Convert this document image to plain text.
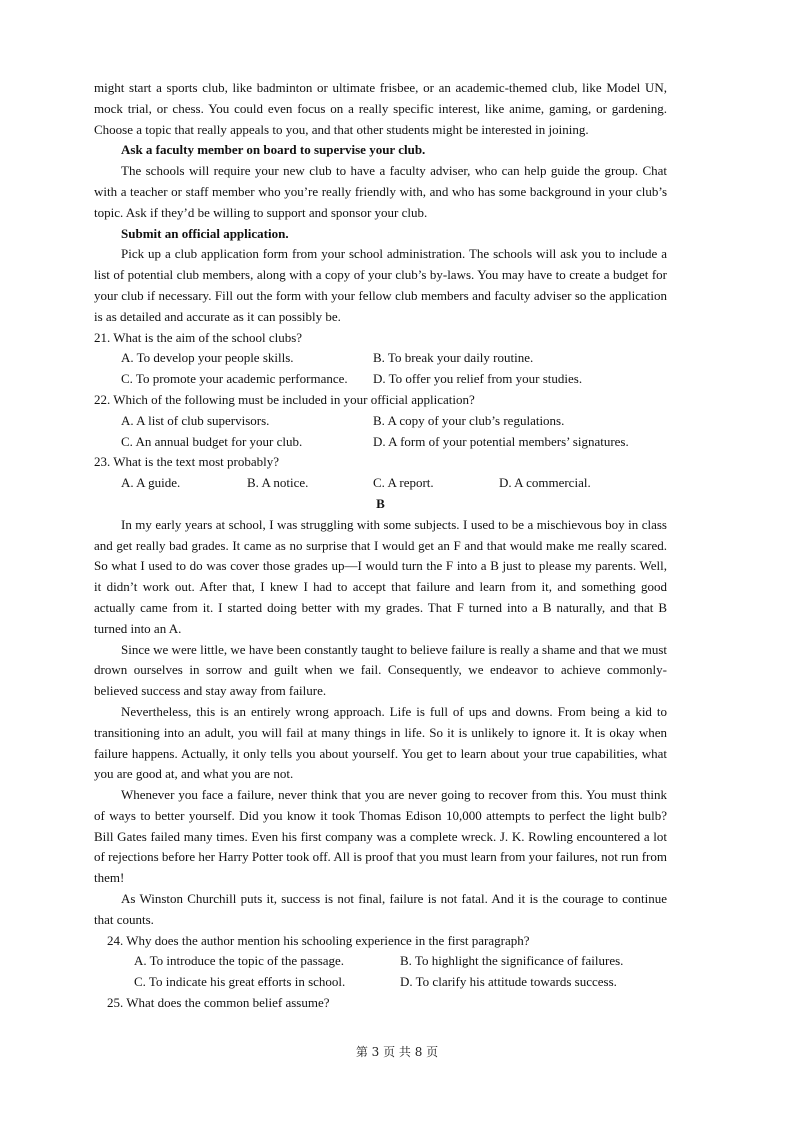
might start a sports club, like badminton or ultimate frisbee, or an academic-themed club, like Model UN, mock trial, or chess. You could even focus on a really specific interest, like anime, gaming, or gardening. Choose a topic that really appeals to you, and that other students might be interested in joining.

Ask a faculty member on board to supervise your club.

The schools will require your new club to have a faculty adviser, who can help guide the group. Chat with a teacher or staff member who you’re really friendly with, and who has some background in your club’s topic. Ask if they’d be willing to support and sponsor your club.

Submit an official application.

Pick up a club application form from your school administration. The schools will ask you to include a list of potential club members, along with a copy of your club’s by-laws. You may have to create a budget for your club if necessary. Fill out the form with your fellow club members and faculty adviser so the application is as detailed and accurate as it can possibly be.

21. What is the aim of the school clubs?

A. To develop your people skills.	B. To break your daily routine.
C. To promote your academic performance.	D. To offer you relief from your studies.

22. Which of the following must be included in your official application?

A. A list of club supervisors.	B. A copy of your club’s regulations.
C. An annual budget for your club.	D. A form of your potential members’ signatures.

23. What is the text most probably?

A. A guide.	B. A notice.	C. A report.	D. A commercial.

B

In my early years at school, I was struggling with some subjects. I used to be a mischievous boy in class and get really bad grades. It came as no surprise that I would get an F and that would make me really scared. So what I used to do was cover those grades up—I would turn the F into a B just to please my parents. Well, it didn’t work out. After that, I knew I had to accept that failure and learn from it, and something good actually came from it. I started doing better with my grades. That F turned into a B naturally, and that B turned into an A.

Since we were little, we have been constantly taught to believe failure is really a shame and that we must drown ourselves in sorrow and guilt when we fail. Consequently, we endeavor to achieve commonly- believed success and stay away from failure.

Nevertheless, this is an entirely wrong approach. Life is full of ups and downs. From being a kid to transitioning into an adult, you will fail at many things in life. So it is unlikely to ignore it. It is okay when failure happens. Actually, it only tells you about yourself. You get to learn about your true capabilities, what you are good at, and what you are not.

Whenever you face a failure, never think that you are never going to recover from this. You must think of ways to better yourself. Did you know it took Thomas Edison 10,000 attempts to perfect the light bulb? Bill Gates failed many times. Even his first company was a complete wreck. J. K. Rowling encountered a lot of rejections before her Harry Potter took off. All is proof that you must learn from your failures, not run from them!

As Winston Churchill puts it, success is not final, failure is not fatal. And it is the courage to continue that counts.

24. Why does the author mention his schooling experience in the first paragraph?

A. To introduce the topic of the passage.	B. To highlight the significance of failures.
C. To indicate his great efforts in school.	D. To clarify his attitude towards success.

25. What does the common belief assume?

第 3 页 共 8 页
